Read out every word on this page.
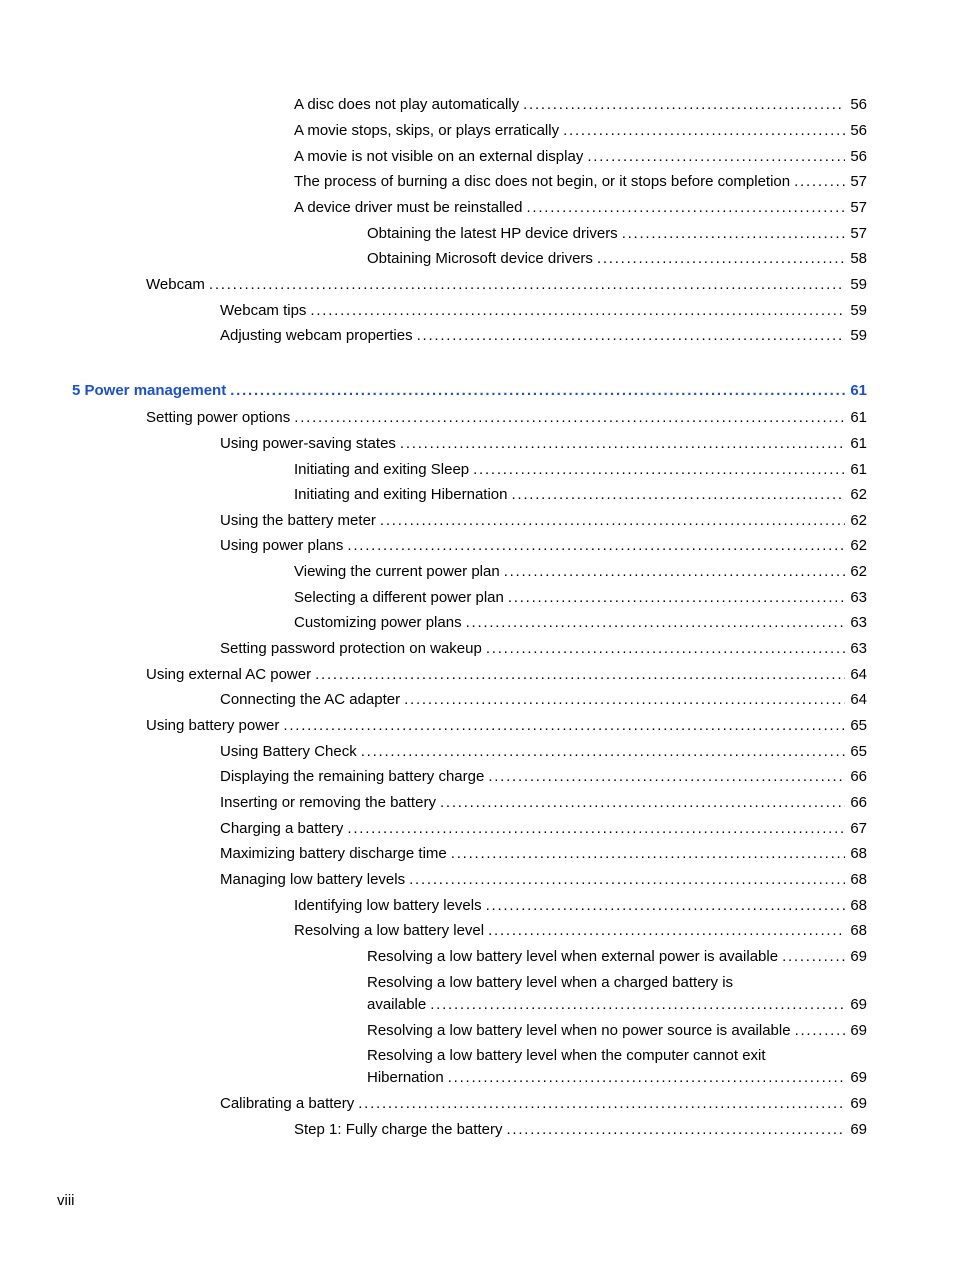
A disc does not play automatically . . .	56
A movie stops, skips, or plays erratically . . .	56
A movie is not visible on an external display . . .	56
The process of burning a disc does not begin, or it stops before completion . . .	57
A device driver must be reinstalled . . .	57
Obtaining the latest HP device drivers . . .	57
Obtaining Microsoft device drivers . . .	58
Webcam . . .	59
Webcam tips . . .	59
Adjusting webcam properties . . .	59
5 Power management . . .	61
Setting power options . . .	61
Using power-saving states . . .	61
Initiating and exiting Sleep . . .	61
Initiating and exiting Hibernation . . .	62
Using the battery meter . . .	62
Using power plans . . .	62
Viewing the current power plan . . .	62
Selecting a different power plan . . .	63
Customizing power plans . . .	63
Setting password protection on wakeup . . .	63
Using external AC power . . .	64
Connecting the AC adapter . . .	64
Using battery power . . .	65
Using Battery Check . . .	65
Displaying the remaining battery charge . . .	66
Inserting or removing the battery . . .	66
Charging a battery . . .	67
Maximizing battery discharge time . . .	68
Managing low battery levels . . .	68
Identifying low battery levels . . .	68
Resolving a low battery level . . .	68
Resolving a low battery level when external power is available . . .	69
Resolving a low battery level when a charged battery is
available . . .	69
Resolving a low battery level when no power source is available . . .	69
Resolving a low battery level when the computer cannot exit
Hibernation . . .	69
Calibrating a battery . . .	69
Step 1: Fully charge the battery . . .	69
viii
